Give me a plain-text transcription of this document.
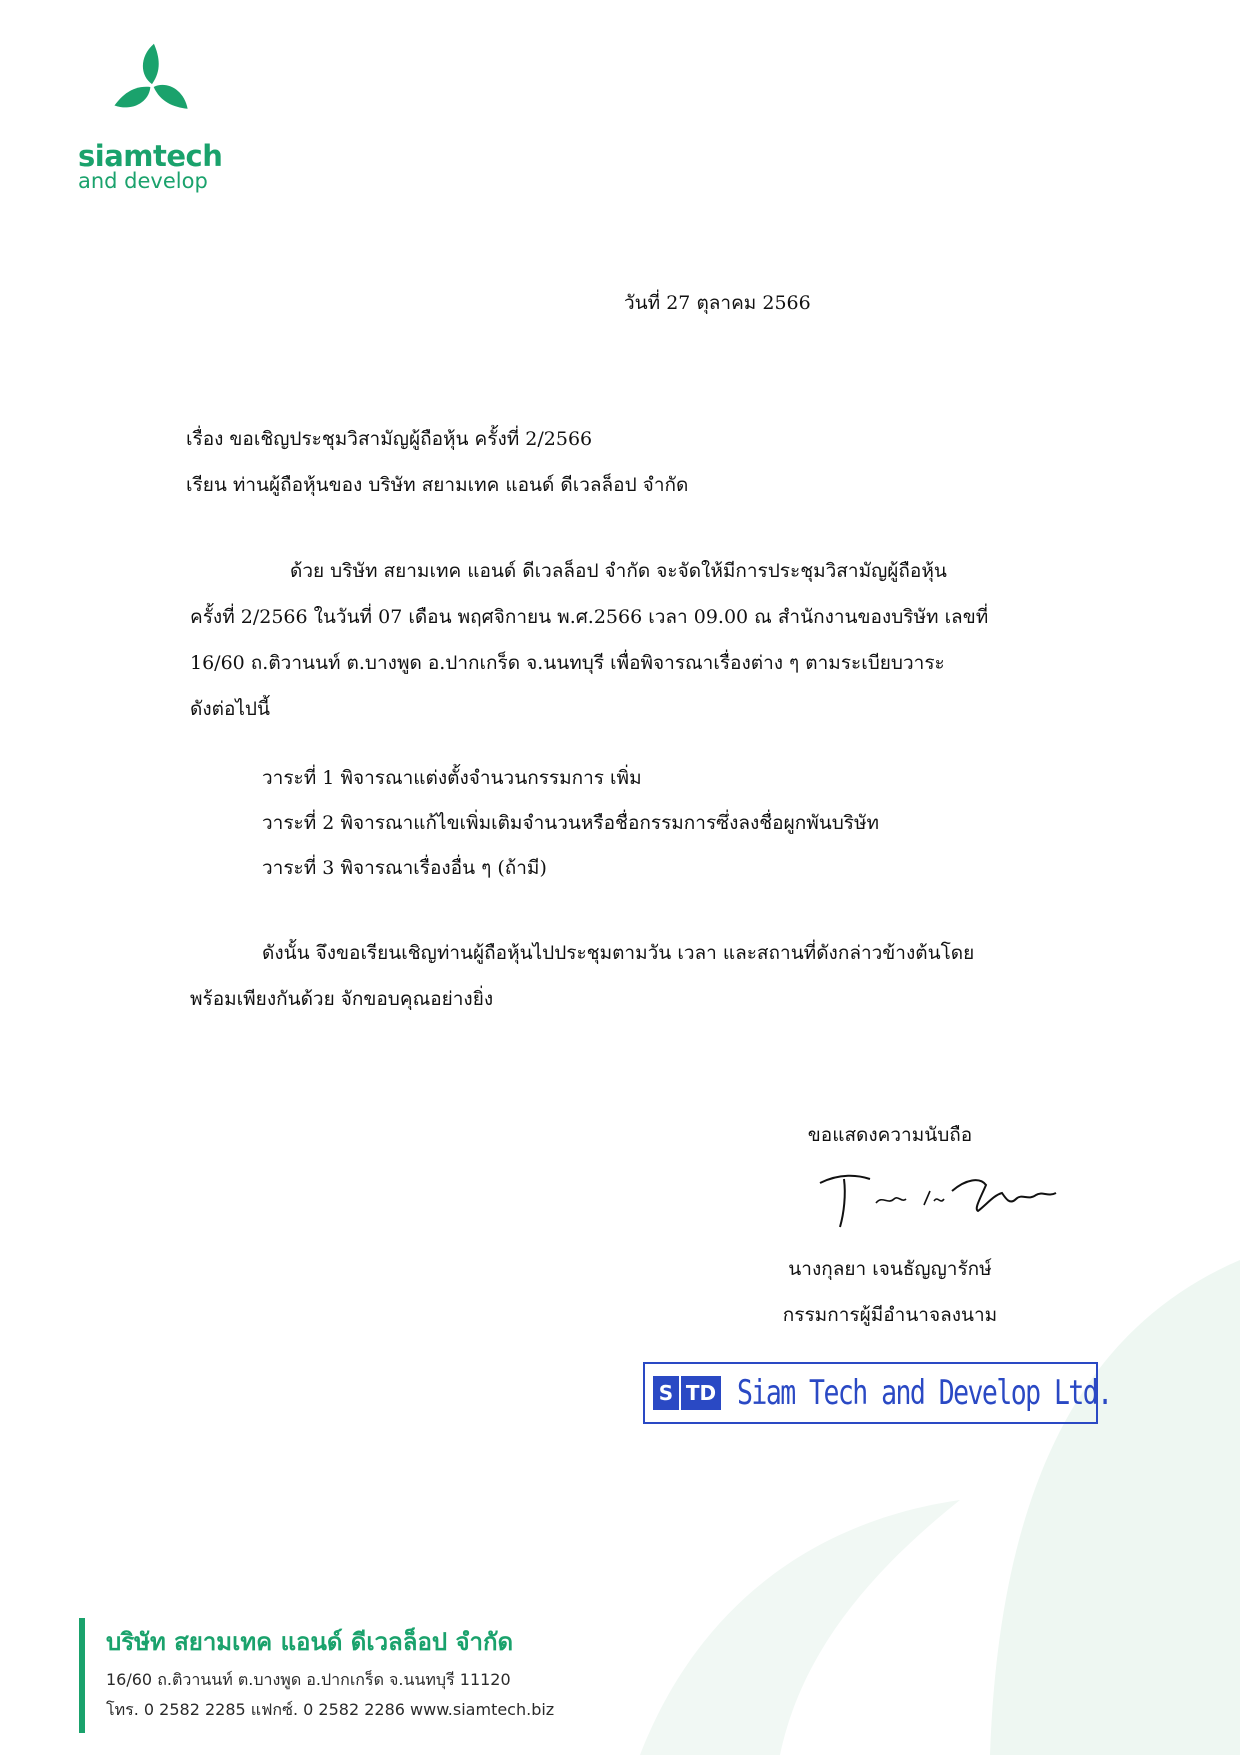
siamtech
and develop
วันที่ 27 ตุลาคม 2566
เรื่อง ขอเชิญประชุมวิสามัญผู้ถือหุ้น ครั้งที่ 2/2566
เรียน ท่านผู้ถือหุ้นของ บริษัท สยามเทค แอนด์ ดีเวลล็อป จำกัด
ด้วย บริษัท สยามเทค แอนด์ ดีเวลล็อป จำกัด จะจัดให้มีการประชุมวิสามัญผู้ถือหุ้น
ครั้งที่ 2/2566 ในวันที่ 07 เดือน พฤศจิกายน พ.ศ.2566 เวลา 09.00 ณ สำนักงานของบริษัท เลขที่
16/60 ถ.ติวานนท์ ต.บางพูด อ.ปากเกร็ด จ.นนทบุรี เพื่อพิจารณาเรื่องต่าง ๆ ตามระเบียบวาระ
ดังต่อไปนี้
วาระที่ 1 พิจารณาแต่งตั้งจำนวนกรรมการ เพิ่ม
วาระที่ 2 พิจารณาแก้ไขเพิ่มเติมจำนวนหรือชื่อกรรมการซึ่งลงชื่อผูกพันบริษัท
วาระที่ 3 พิจารณาเรื่องอื่น ๆ (ถ้ามี)
ดังนั้น จึงขอเรียนเชิญท่านผู้ถือหุ้นไปประชุมตามวัน เวลา และสถานที่ดังกล่าวข้างต้นโดย
พร้อมเพียงกันด้วย จักขอบคุณอย่างยิ่ง
ขอแสดงความนับถือ
นางกุลยา เจนธัญญารักษ์
กรรมการผู้มีอำนาจลงนาม
S TD Siam Tech and Develop Ltd.
บริษัท สยามเทค แอนด์ ดีเวลล็อป จำกัด
16/60 ถ.ติวานนท์ ต.บางพูด อ.ปากเกร็ด จ.นนทบุรี 11120
โทร. 0 2582 2285 แฟกซ์. 0 2582 2286 www.siamtech.biz
